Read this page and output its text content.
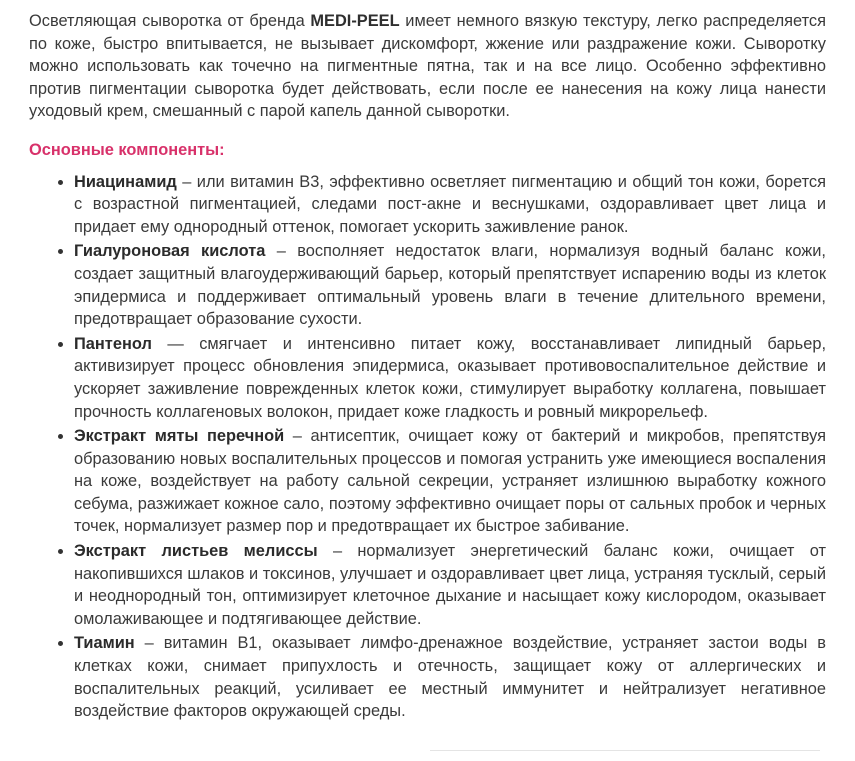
Осветляющая сыворотка от бренда MEDI-PEEL имеет немного вязкую текстуру, легко распределяется по коже, быстро впитывается, не вызывает дискомфорт, жжение или раздражение кожи. Сыворотку можно использовать как точечно на пигментные пятна, так и на все лицо. Особенно эффективно против пигментации сыворотка будет действовать, если после ее нанесения на кожу лица нанести уходовый крем, смешанный с парой капель данной сыворотки.

Основные компоненты:
• Ниацинамид – или витамин В3, эффективно осветляет пигментацию и общий тон кожи, борется с возрастной пигментацией, следами пост-акне и веснушками, оздоравливает цвет лица и придает ему однородный оттенок, помогает ускорить заживление ранок.
• Гиалуроновая кислота – восполняет недостаток влаги, нормализуя водный баланс кожи, создает защитный влагоудерживающий барьер, который препятствует испарению воды из клеток эпидермиса и поддерживает оптимальный уровень влаги в течение длительного времени, предотвращает образование сухости.
• Пантенол — смягчает и интенсивно питает кожу, восстанавливает липидный барьер, активизирует процесс обновления эпидермиса, оказывает противовоспалительное действие и ускоряет заживление поврежденных клеток кожи, стимулирует выработку коллагена, повышает прочность коллагеновых волокон, придает коже гладкость и ровный микрорельеф.
• Экстракт мяты перечной – антисептик, очищает кожу от бактерий и микробов, препятствуя образованию новых воспалительных процессов и помогая устранить уже имеющиеся воспаления на коже, воздействует на работу сальной секреции, устраняет излишнюю выработку кожного себума, разжижает кожное сало, поэтому эффективно очищает поры от сальных пробок и черных точек, нормализует размер пор и предотвращает их быстрое забивание.
• Экстракт листьев мелиссы – нормализует энергетический баланс кожи, очищает от накопившихся шлаков и токсинов, улучшает и оздоравливает цвет лица, устраняя тусклый, серый и неоднородный тон, оптимизирует клеточное дыхание и насыщает кожу кислородом, оказывает омолаживающее и подтягивающее действие.
• Тиамин – витамин В1, оказывает лимфо-дренажное воздействие, устраняет застои воды в клетках кожи, снимает припухлость и отечность, защищает кожу от аллергических и воспалительных реакций, усиливает ее местный иммунитет и нейтрализует негативное воздействие факторов окружающей среды.
